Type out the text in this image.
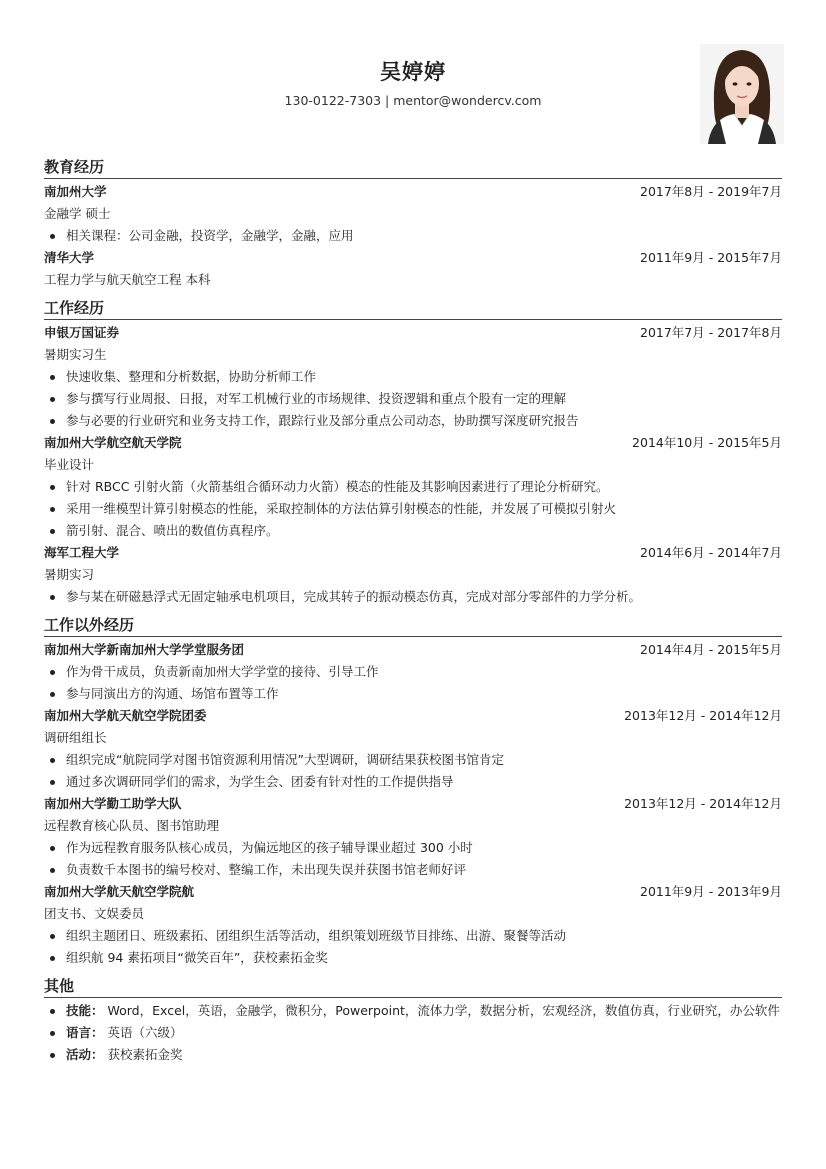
吴婷婷
130-0122-7303 | mentor@wondercv.com
教育经历
南加州大学	2017年8月 - 2019年7月
金融学 硕士
相关课程：公司金融，投资学，金融学，金融，应用
清华大学	2011年9月 - 2015年7月
工程力学与航天航空工程 本科
工作经历
申银万国证券	2017年7月 - 2017年8月
暑期实习生
快速收集、整理和分析数据，协助分析师工作
参与撰写行业周报、日报，对军工机械行业的市场规律、投资逻辑和重点个股有一定的理解
参与必要的行业研究和业务支持工作，跟踪行业及部分重点公司动态，协助撰写深度研究报告
南加州大学航空航天学院	2014年10月 - 2015年5月
毕业设计
针对 RBCC 引射火箭（火箭基组合循环动力火箭）模态的性能及其影响因素进行了理论分析研究。
采用一维模型计算引射模态的性能，采取控制体的方法估算引射模态的性能，并发展了可模拟引射火
箭引射、混合、喷出的数值仿真程序。
海军工程大学	2014年6月 - 2014年7月
暑期实习
参与某在研磁悬浮式无固定轴承电机项目，完成其转子的振动模态仿真，完成对部分零部件的力学分析。
工作以外经历
南加州大学新南加州大学学堂服务团	2014年4月 - 2015年5月
作为骨干成员，负责新南加州大学学堂的接待、引导工作
参与同演出方的沟通、场馆布置等工作
南加州大学航天航空学院团委	2013年12月 - 2014年12月
调研组组长
组织完成“航院同学对图书馆资源利用情况”大型调研，调研结果获校图书馆肯定
通过多次调研同学们的需求，为学生会、团委有针对性的工作提供指导
南加州大学勤工助学大队	2013年12月 - 2014年12月
远程教育核心队员、图书馆助理
作为远程教育服务队核心成员，为偏远地区的孩子辅导课业超过 300 小时
负责数千本图书的编号校对、整编工作，未出现失误并获图书馆老师好评
南加州大学航天航空学院航	2011年9月 - 2013年9月
团支书、文娱委员
组织主题团日、班级素拓、团组织生活等活动，组织策划班级节目排练、出游、聚餐等活动
组织航 94 素拓项目“微笑百年”，获校素拓金奖
其他
技能： Word，Excel，英语，金融学，微积分，Powerpoint，流体力学，数据分析，宏观经济，数值仿真，行业研究，办公软件
语言： 英语（六级）
活动： 获校素拓金奖
